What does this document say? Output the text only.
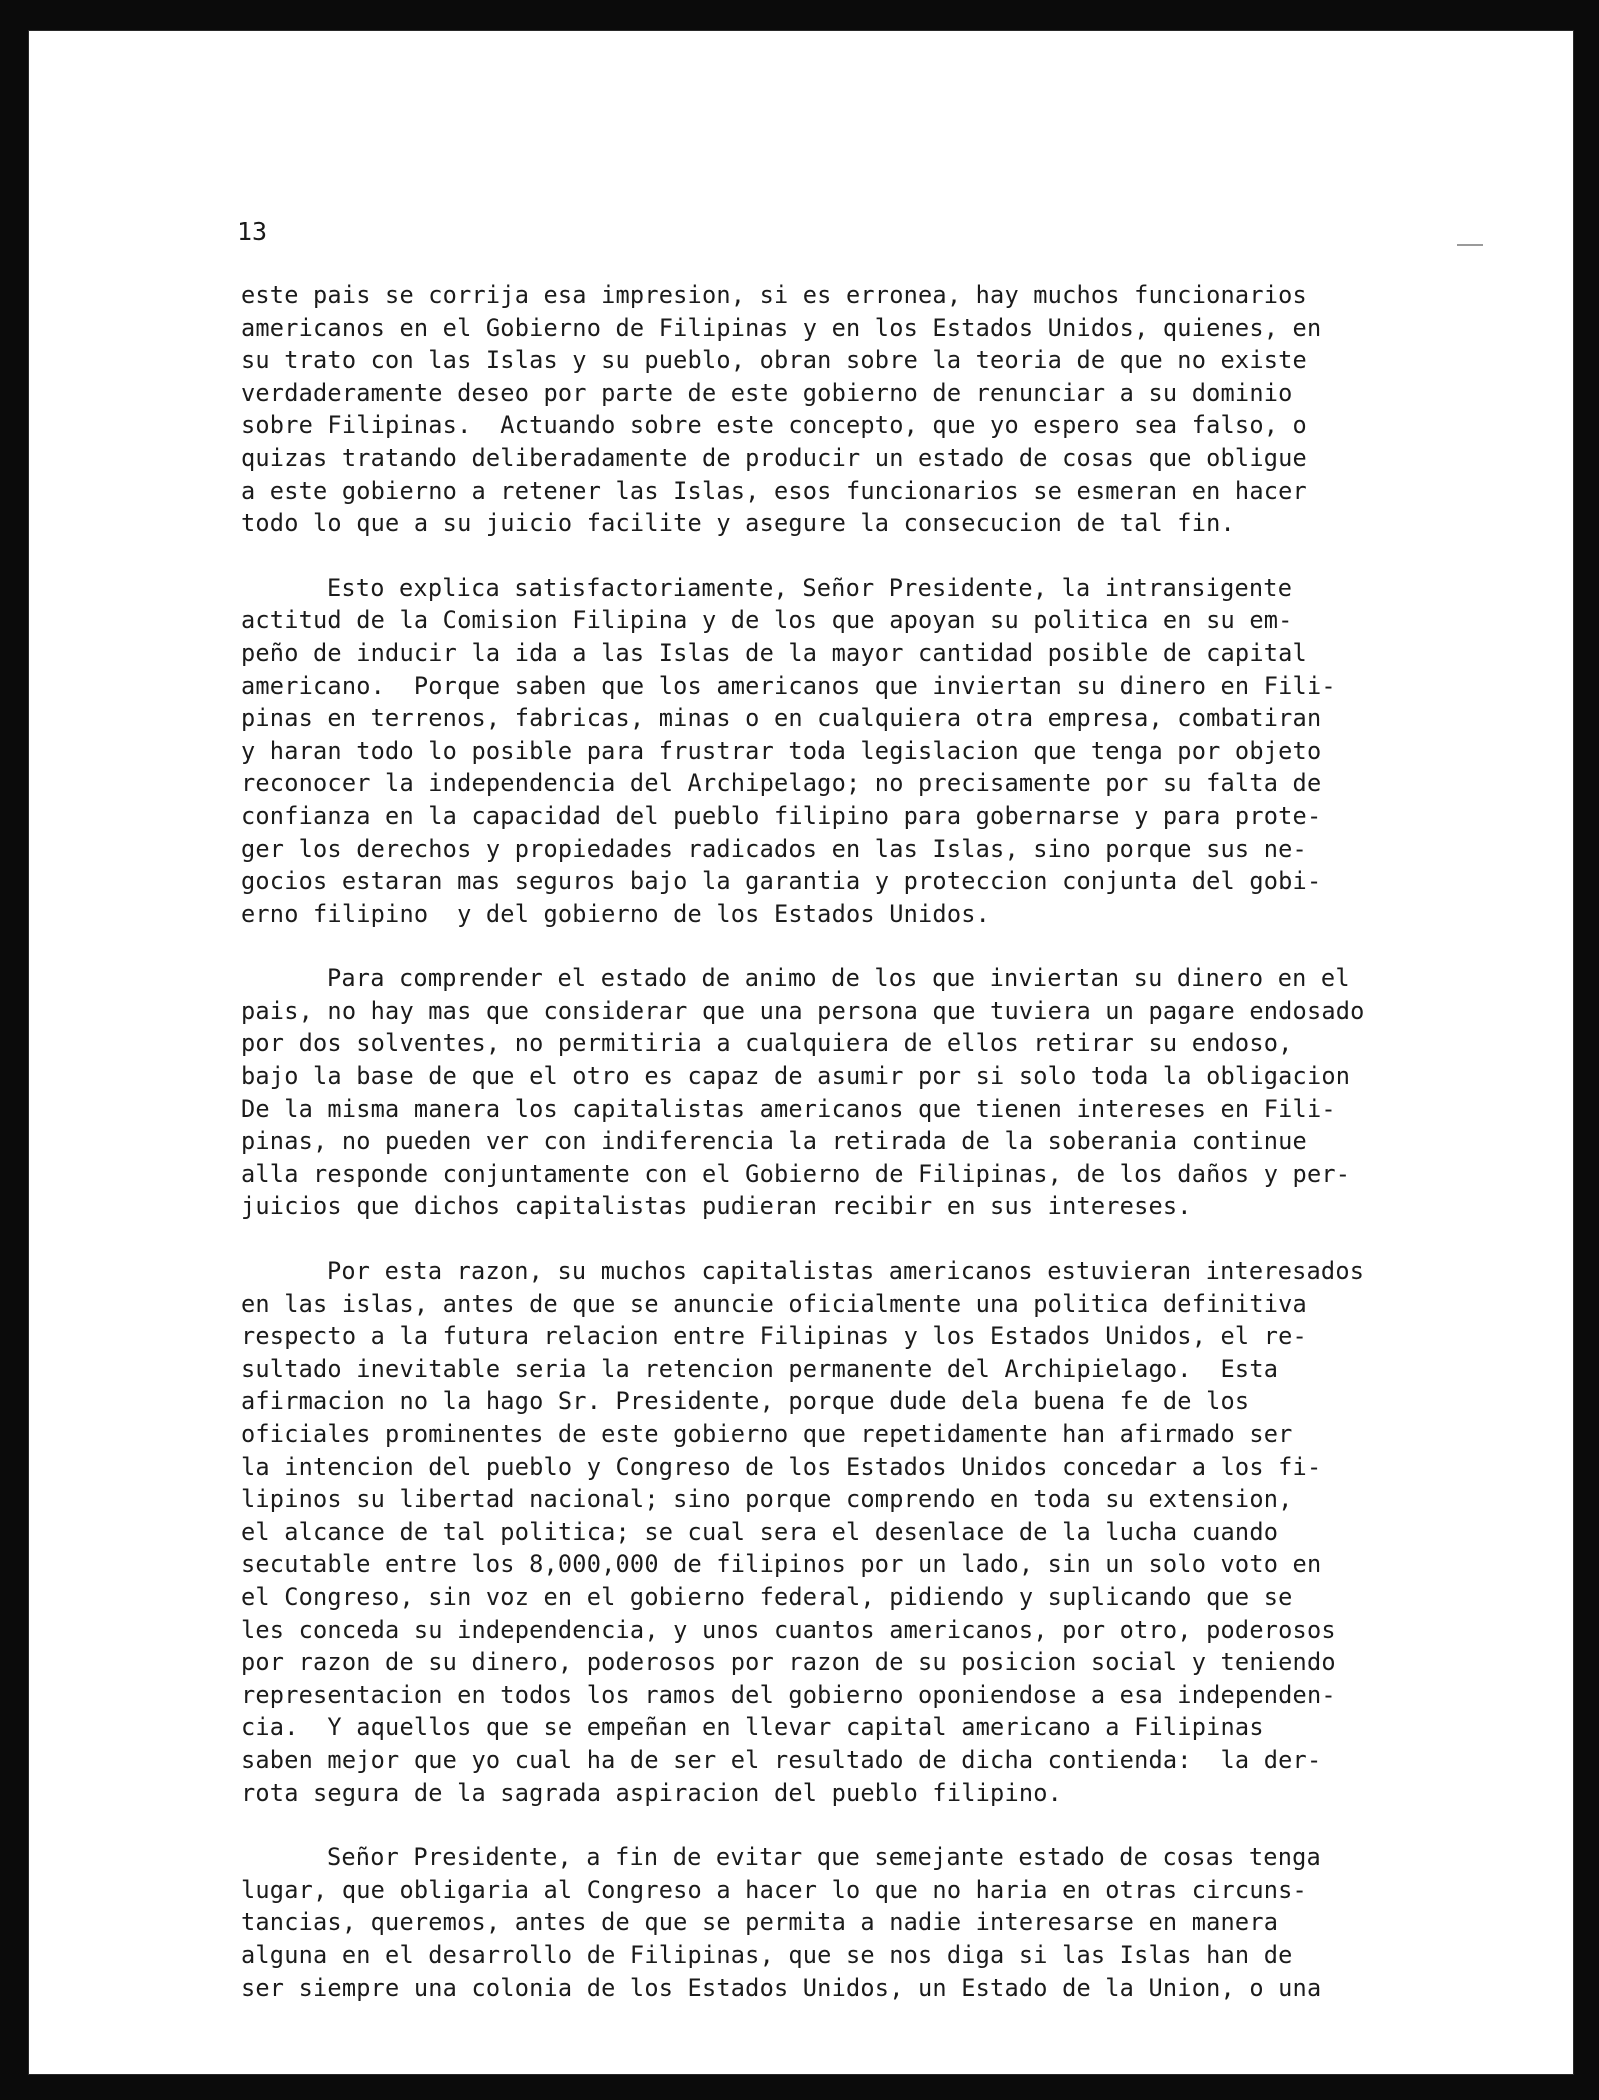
13

este pais se corrija esa impresion, si es erronea, hay muchos funcionarios
americanos en el Gobierno de Filipinas y en los Estados Unidos, quienes, en
su trato con las Islas y su pueblo, obran sobre la teoria de que no existe
verdaderamente deseo por parte de este gobierno de renunciar a su dominio
sobre Filipinas.  Actuando sobre este concepto, que yo espero sea falso, o
quizas tratando deliberadamente de producir un estado de cosas que obligue
a este gobierno a retener las Islas, esos funcionarios se esmeran en hacer
todo lo que a su juicio facilite y asegure la consecucion de tal fin.
Esto explica satisfactoriamente, Señor Presidente, la intransigente
actitud de la Comision Filipina y de los que apoyan su politica en su em-
peño de inducir la ida a las Islas de la mayor cantidad posible de capital
americano.  Porque saben que los americanos que inviertan su dinero en Fili-
pinas en terrenos, fabricas, minas o en cualquiera otra empresa, combatiran
y haran todo lo posible para frustrar toda legislacion que tenga por objeto
reconocer la independencia del Archipelago; no precisamente por su falta de
confianza en la capacidad del pueblo filipino para gobernarse y para prote-
ger los derechos y propiedades radicados en las Islas, sino porque sus ne-
gocios estaran mas seguros bajo la garantia y proteccion conjunta del gobi-
erno filipino  y del gobierno de los Estados Unidos.
Para comprender el estado de animo de los que inviertan su dinero en el
pais, no hay mas que considerar que una persona que tuviera un pagare endosado
por dos solventes, no permitiria a cualquiera de ellos retirar su endoso,
bajo la base de que el otro es capaz de asumir por si solo toda la obligacion
De la misma manera los capitalistas americanos que tienen intereses en Fili-
pinas, no pueden ver con indiferencia la retirada de la soberania continue
alla responde conjuntamente con el Gobierno de Filipinas, de los daños y per-
juicios que dichos capitalistas pudieran recibir en sus intereses.
Por esta razon, su muchos capitalistas americanos estuvieran interesados
en las islas, antes de que se anuncie oficialmente una politica definitiva
respecto a la futura relacion entre Filipinas y los Estados Unidos, el re-
sultado inevitable seria la retencion permanente del Archipielago.  Esta
afirmacion no la hago Sr. Presidente, porque dude dela buena fe de los
oficiales prominentes de este gobierno que repetidamente han afirmado ser
la intencion del pueblo y Congreso de los Estados Unidos concedar a los fi-
lipinos su libertad nacional; sino porque comprendo en toda su extension,
el alcance de tal politica; se cual sera el desenlace de la lucha cuando
secutable entre los 8,000,000 de filipinos por un lado, sin un solo voto en
el Congreso, sin voz en el gobierno federal, pidiendo y suplicando que se
les conceda su independencia, y unos cuantos americanos, por otro, poderosos
por razon de su dinero, poderosos por razon de su posicion social y teniendo
representacion en todos los ramos del gobierno oponiendose a esa independen-
cia.  Y aquellos que se empeñan en llevar capital americano a Filipinas
saben mejor que yo cual ha de ser el resultado de dicha contienda:  la der-
rota segura de la sagrada aspiracion del pueblo filipino.
Señor Presidente, a fin de evitar que semejante estado de cosas tenga
lugar, que obligaria al Congreso a hacer lo que no haria en otras circuns-
tancias, queremos, antes de que se permita a nadie interesarse en manera
alguna en el desarrollo de Filipinas, que se nos diga si las Islas han de
ser siempre una colonia de los Estados Unidos, un Estado de la Union, o una
